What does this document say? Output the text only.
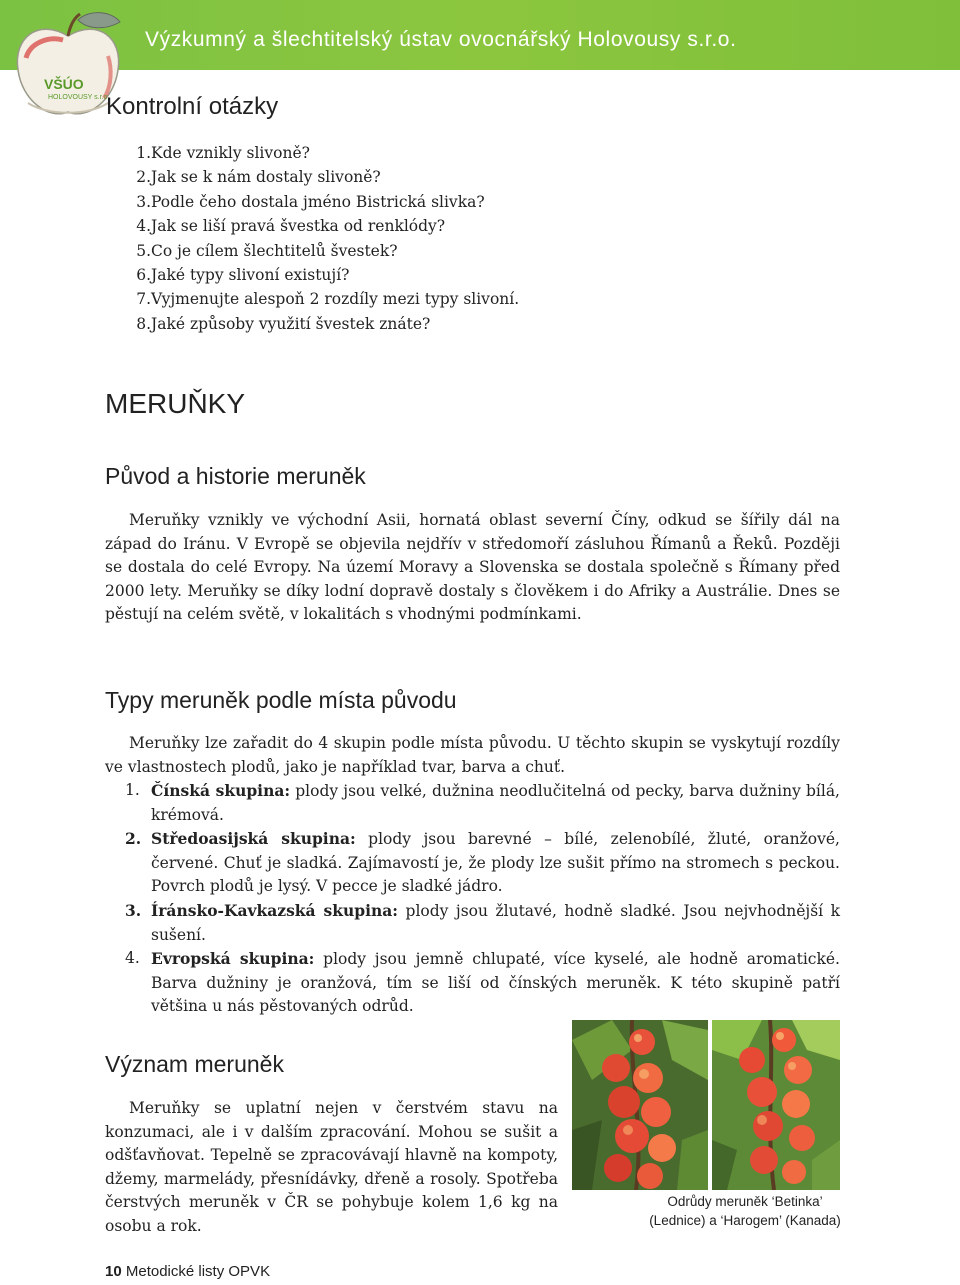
Výzkumný a šlechtitelský ústav ovocnářský Holovousy s.r.o.
VŠÚO
HOLOVOUSY s.r.o.
Kontrolní otázky
1. Kde vznikly slivoně?
2. Jak se k nám dostaly slivoně?
3. Podle čeho dostala jméno Bistrická slivka?
4. Jak se liší pravá švestka od renklódy?
5. Co je cílem šlechtitelů švestek?
6. Jaké typy slivoní existují?
7. Vyjmenujte alespoň 2 rozdíly mezi typy slivoní.
8. Jaké způsoby využití švestek znáte?
MERUŇKY
Původ a historie meruněk

Meruňky vznikly ve východní Asii, hornatá oblast severní Číny, odkud se šířily dál na západ do Iránu. V Evropě se objevila nejdřív v středomoří zásluhou Římanů a Řeků. Později se dostala do celé Evropy. Na území Moravy a Slovenska se dostala společně s Římany před 2000 lety. Meruňky se díky lodní dopravě dostaly s člověkem i do Afriky a Austrálie. Dnes se pěstují na celém světě, v lokalitách s vhodnými podmínkami.

Typy meruněk podle místa původu

Meruňky lze zařadit do 4 skupin podle místa původu. U těchto skupin se vyskytují rozdíly ve vlastnostech plodů, jako je například tvar, barva a chuť.

1. Čínská skupina: plody jsou velké, dužnina neodlučitelná od pecky, barva dužniny bílá, krémová.
2. Středoasijská skupina: plody jsou barevné – bílé, zelenobílé, žluté, oranžové, červené. Chuť je sladká. Zajímavostí je, že plody lze sušit přímo na stromech s peckou. Povrch plodů je lysý. V pecce je sladké jádro.
3. Íránsko-Kavkazská skupina: plody jsou žlutavé, hodně sladké. Jsou nejvhodnější k sušení.
4. Evropská skupina: plody jsou jemně chlupaté, více kyselé, ale hodně aromatické. Barva dužniny je oranžová, tím se liší od čínských meruněk. K této skupině patří většina u nás pěstovaných odrůd.
Význam meruněk

Meruňky se uplatní nejen v čerstvém stavu na konzumaci, ale i v dalším zpracování. Mohou se sušit a odšťavňovat. Tepelně se zpracovávají hlavně na kompoty, džemy, marmelády, přesnídávky, dřeně a rosoly. Spotřeba čerstvých meruněk v ČR se pohybuje kolem 1,6 kg na osobu a rok.

Odrůdy meruněk ‘Betinka’
(Lednice) a ‘Harogem’ (Kanada)
10 Metodické listy OPVK
